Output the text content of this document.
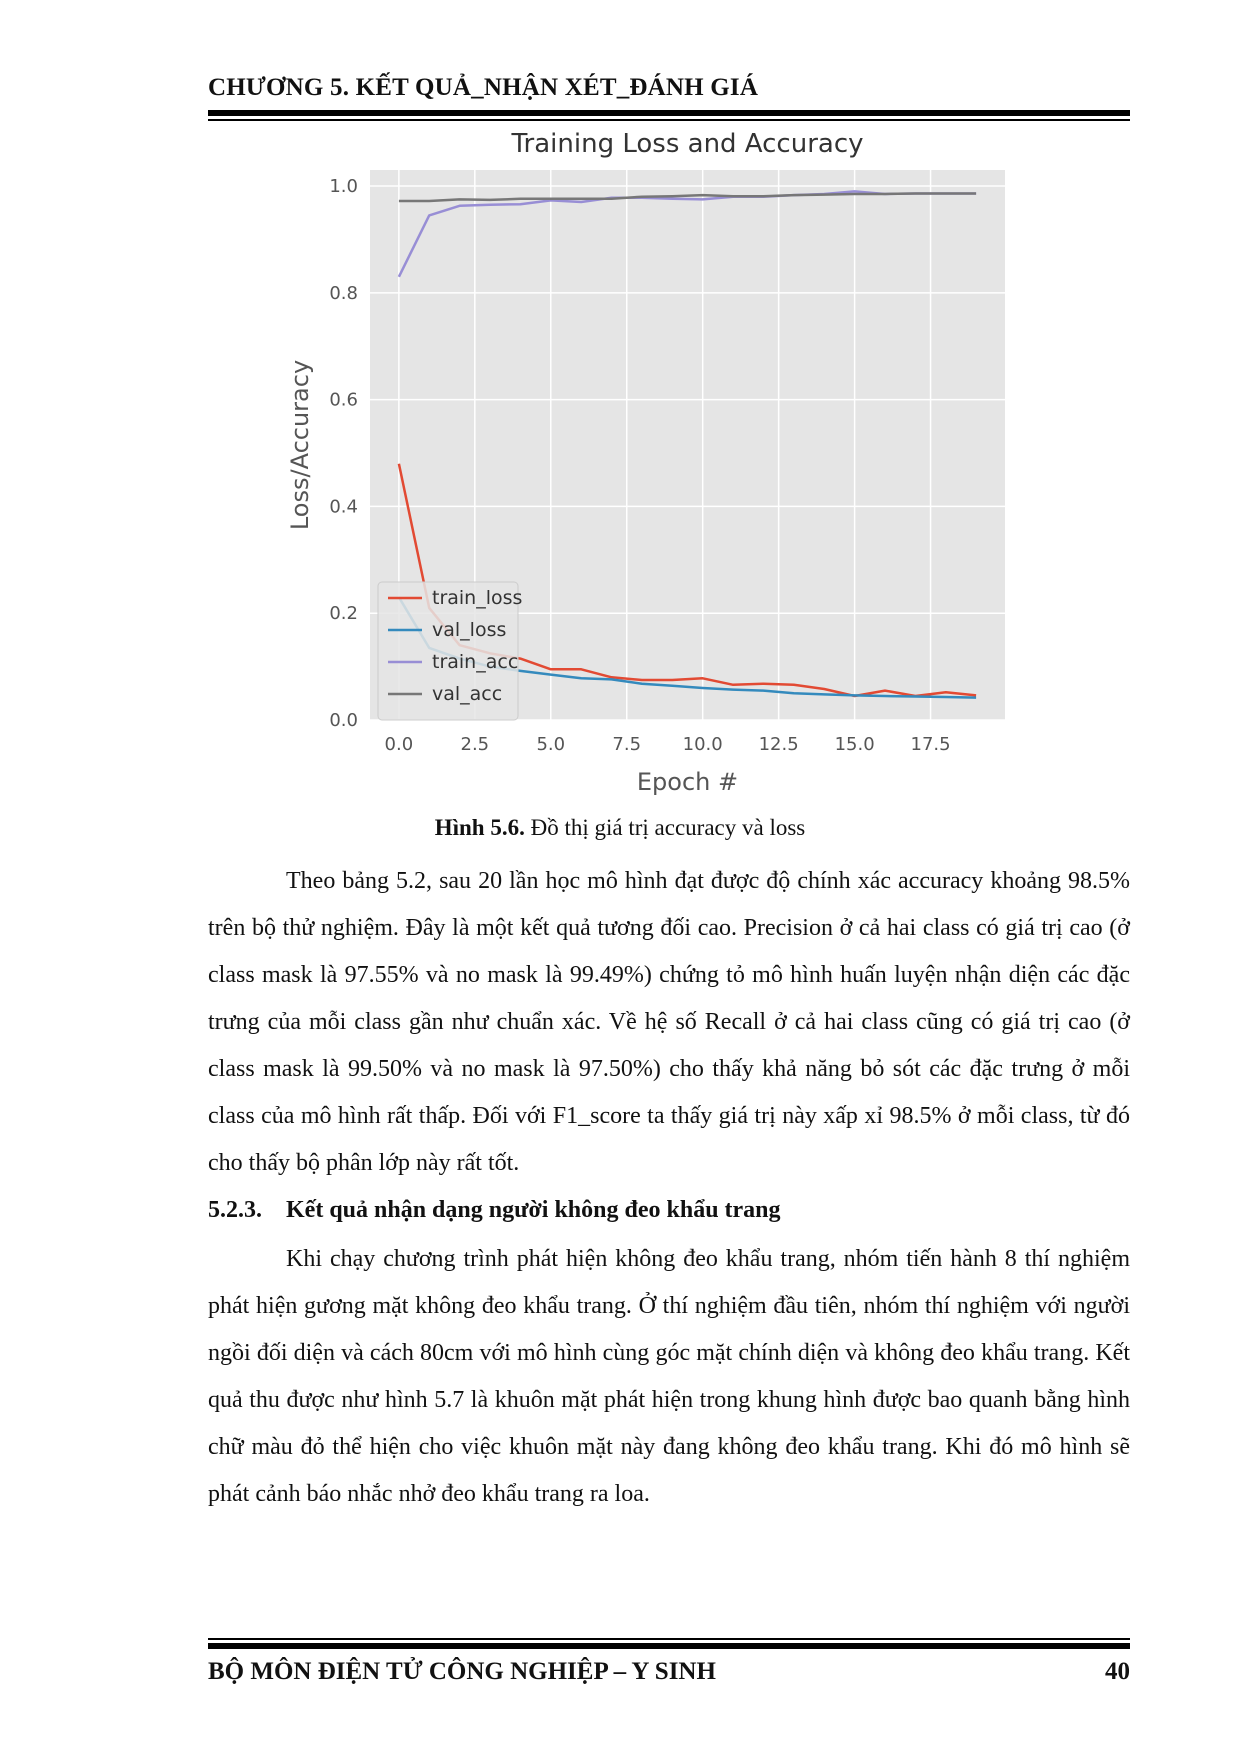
CHƯƠNG 5. KẾT QUẢ_NHẬN XÉT_ĐÁNH GIÁ
0.0
0.2
0.4
0.6
0.8
1.0
0.0	2.5	5.0	7.5 10.0 12.5 15.0 17.5
Training Loss and Accuracy
Epoch #
Loss/Accuracy
train_loss
val_loss
train_acc
val_acc
Hình 5.6. Đồ thị giá trị accuracy và loss

Theo bảng 5.2, sau 20 lần học mô hình đạt được độ chính xác accuracy khoảng 98.5% trên bộ thử nghiệm. Đây là một kết quả tương đối cao. Precision ở cả hai class có giá trị cao (ở class mask là 97.55% và no mask là 99.49%) chứng tỏ mô hình huấn luyện nhận diện các đặc trưng của mỗi class gần như chuẩn xác. Về hệ số Recall ở cả hai class cũng có giá trị cao (ở class mask là 99.50% và no mask là 97.50%) cho thấy khả năng bỏ sót các đặc trưng ở mỗi class của mô hình rất thấp. Đối với F1_score ta thấy giá trị này xấp xỉ 98.5% ở mỗi class, từ đó cho thấy bộ phân lớp này rất tốt.

5.2.3. Kết quả nhận dạng người không đeo khẩu trang

Khi chạy chương trình phát hiện không đeo khẩu trang, nhóm tiến hành 8 thí nghiệm phát hiện gương mặt không đeo khẩu trang. Ở thí nghiệm đầu tiên, nhóm thí nghiệm với người ngồi đối diện và cách 80cm với mô hình cùng góc mặt chính diện và không đeo khẩu trang. Kết quả thu được như hình 5.7 là khuôn mặt phát hiện trong khung hình được bao quanh bằng hình chữ màu đỏ thể hiện cho việc khuôn mặt này đang không đeo khẩu trang. Khi đó mô hình sẽ phát cảnh báo nhắc nhở đeo khẩu trang ra loa.

BỘ MÔN ĐIỆN TỬ CÔNG NGHIỆP – Y SINH	40
